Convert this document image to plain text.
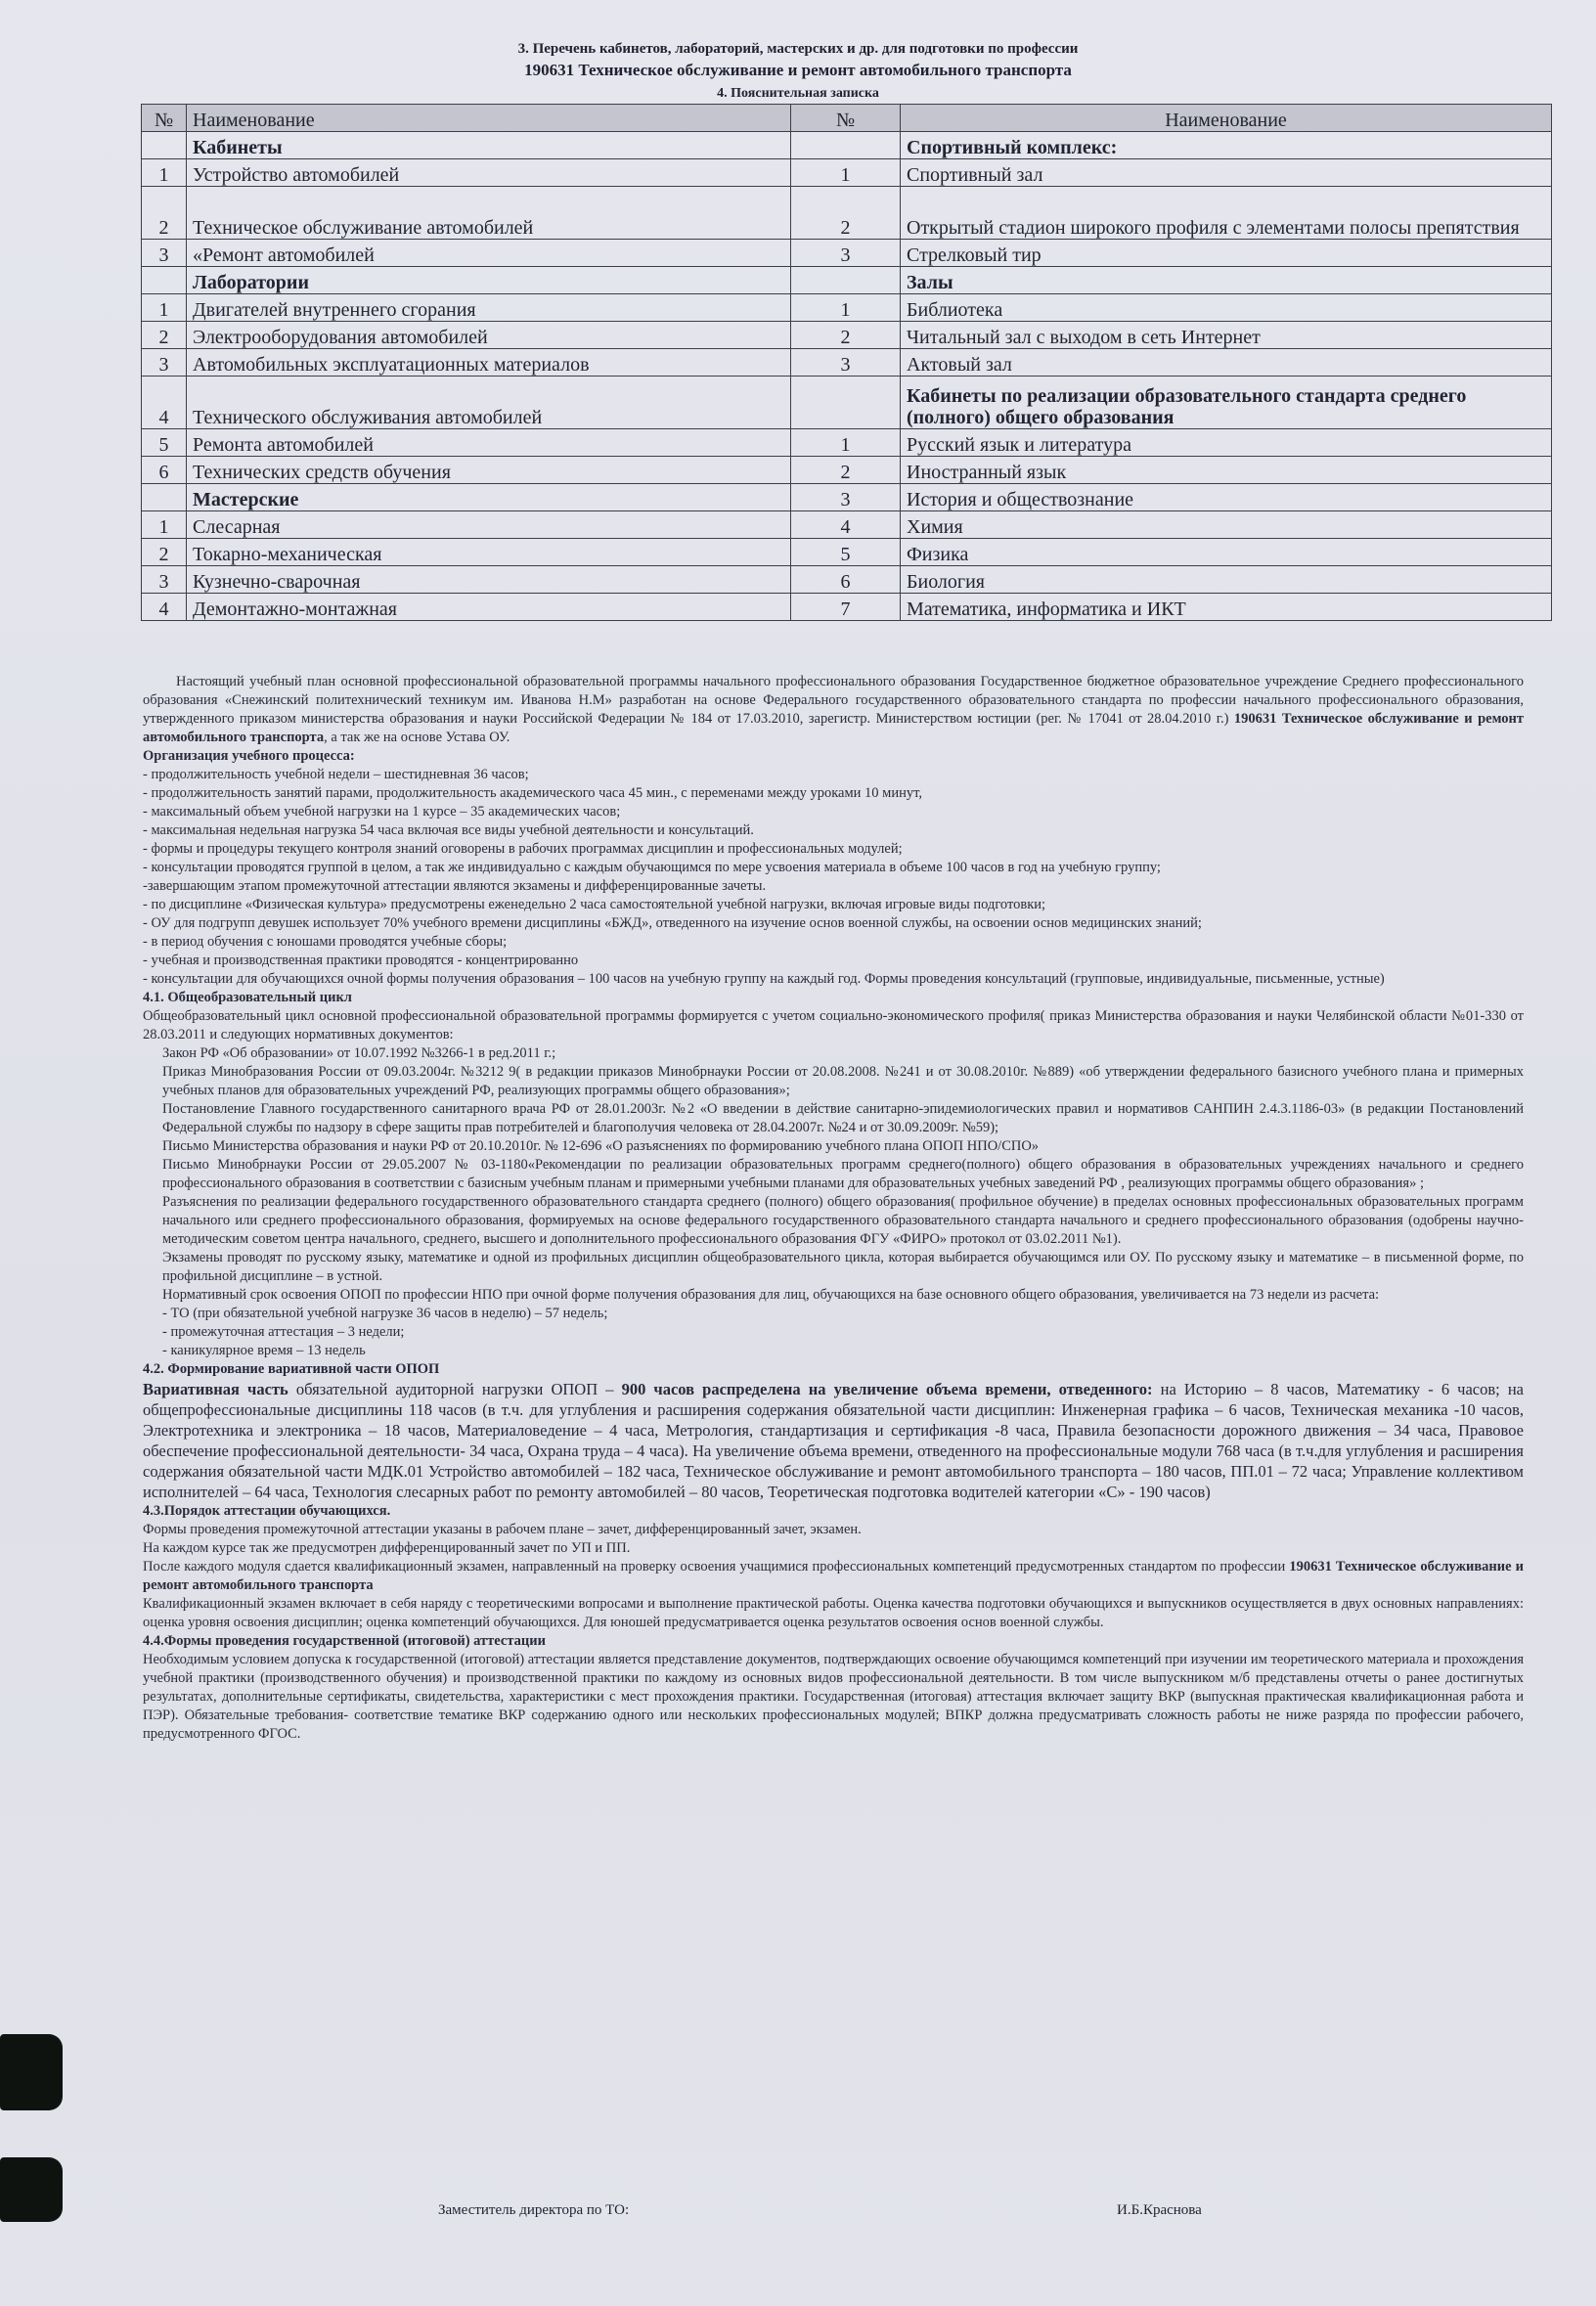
3. Перечень кабинетов, лабораторий, мастерских и др. для подготовки по профессии
190631 Техническое обслуживание и ремонт автомобильного транспорта
4. Пояснительная записка
№	Наименование	№	Наименование
	Кабинеты		Спортивный комплекс:
1	Устройство автомобилей	1	Спортивный зал
2	Техническое обслуживание автомобилей	2	Открытый стадион широкого профиля с элементами полосы препятствия
3	«Ремонт автомобилей	3	Стрелковый тир
	Лаборатории		Залы
1	Двигателей внутреннего сгорания	1	Библиотека
2	Электрооборудования автомобилей	2	Читальный зал с выходом в сеть Интернет
3	Автомобильных эксплуатационных материалов	3	Актовый зал
4	Технического обслуживания автомобилей		Кабинеты по реализации образовательного стандарта среднего (полного) общего образования
5	Ремонта автомобилей	1	Русский язык и литература
6	Технических средств обучения	2	Иностранный язык
	Мастерские	3	История и обществознание
1	Слесарная	4	Химия
2	Токарно-механическая	5	Физика
3	Кузнечно-сварочная	6	Биология
4	Демонтажно-монтажная	7	Математика, информатика и ИКТ

Настоящий учебный план основной профессиональной образовательной программы начального профессионального образования Государственное бюджетное образовательное учреждение Среднего профессионального образования «Снежинский политехнический техникум им. Иванова Н.М» разработан на основе Федерального государственного образовательного стандарта по профессии начального профессионального образования, утвержденного приказом министерства образования и науки Российской Федерации № 184 от 17.03.2010, зарегистр. Министерством юстиции (рег. № 17041 от 28.04.2010 г.) 190631 Техническое обслуживание и ремонт автомобильного транспорта, а так же на основе Устава ОУ.

Организация учебного процесса:

- продолжительность учебной недели – шестидневная 36 часов;

- продолжительность занятий парами, продолжительность академического часа 45 мин., с переменами между уроками 10 минут,

- максимальный объем учебной нагрузки на 1 курсе – 35 академических часов;

- максимальная недельная нагрузка 54 часа включая все виды учебной деятельности и консультаций.

- формы и процедуры текущего контроля знаний оговорены в рабочих программах дисциплин и профессиональных модулей;

- консультации проводятся группой в целом, а так же индивидуально с каждым обучающимся по мере усвоения материала в объеме 100 часов в год на учебную группу;

-завершающим этапом промежуточной аттестации являются экзамены и дифференцированные зачеты.

- по дисциплине «Физическая культура» предусмотрены еженедельно 2 часа самостоятельной учебной нагрузки, включая игровые виды подготовки;

- ОУ для подгрупп девушек использует 70% учебного времени дисциплины «БЖД», отведенного на изучение основ военной службы, на освоении основ медицинских знаний;

- в период обучения с юношами проводятся учебные сборы;

- учебная и производственная практики проводятся - концентрированно

- консультации для обучающихся очной формы получения образования – 100 часов на учебную группу на каждый год. Формы проведения консультаций (групповые, индивидуальные, письменные, устные)

4.1. Общеобразовательный цикл

Общеобразовательный цикл основной профессиональной образовательной программы формируется с учетом социально-экономического профиля( приказ Министерства образования и науки Челябинской области №01-330 от 28.03.2011 и следующих нормативных документов:

Закон РФ «Об образовании» от 10.07.1992 №3266-1 в ред.2011 г.;

Приказ Минобразования России от 09.03.2004г. №3212 9( в редакции приказов Минобрнауки России от 20.08.2008. №241 и от 30.08.2010г. №889) «об утверждении федерального базисного учебного плана и примерных учебных планов для образовательных учреждений РФ, реализующих программы общего образования»;

Постановление Главного государственного санитарного врача РФ от 28.01.2003г. №2 «О введении в действие санитарно-эпидемиологических правил и нормативов САНПИН 2.4.3.1186-03» (в редакции Постановлений Федеральной службы по надзору в сфере защиты прав потребителей и благополучия человека от 28.04.2007г. №24 и от 30.09.2009г. №59);

Письмо Министерства образования и науки РФ от 20.10.2010г. № 12-696 «О разъяснениях по формированию учебного плана ОПОП НПО/СПО»

Письмо Минобрнауки России от 29.05.2007 № 03-1180«Рекомендации по реализации образовательных программ среднего(полного) общего образования в образовательных учреждениях начального и среднего профессионального образования в соответствии с базисным учебным планам и примерными учебными планами для образовательных учебных заведений РФ , реализующих программы общего образования» ;

Разъяснения по реализации федерального государственного образовательного стандарта среднего (полного) общего образования( профильное обучение) в пределах основных профессиональных образовательных программ начального или среднего профессионального образования, формируемых на основе федерального государственного образовательного стандарта начального и среднего профессионального образования (одобрены научно-методическим советом центра начального, среднего, высшего и дополнительного профессионального образования ФГУ «ФИРО» протокол от 03.02.2011 №1).

Экзамены проводят по русскому языку, математике и одной из профильных дисциплин общеобразовательного цикла, которая выбирается обучающимся или ОУ. По русскому языку и математике – в письменной форме, по профильной дисциплине – в устной.

Нормативный срок освоения ОПОП по профессии НПО при очной форме получения образования для лиц, обучающихся на базе основного общего образования, увеличивается на 73 недели из расчета:

- ТО (при обязательной учебной нагрузке 36 часов в неделю) – 57 недель;

- промежуточная аттестация – 3 недели;

- каникулярное время – 13 недель

4.2. Формирование вариативной части ОПОП

Вариативная часть обязательной аудиторной нагрузки ОПОП – 900 часов распределена на увеличение объема времени, отведенного: на Историю – 8 часов, Математику - 6 часов; на общепрофессиональные дисциплины 118 часов (в т.ч. для углубления и расширения содержания обязательной части дисциплин: Инженерная графика – 6 часов, Техническая механика -10 часов, Электротехника и электроника – 18 часов, Материаловедение – 4 часа, Метрология, стандартизация и сертификация -8 часа, Правила безопасности дорожного движения – 34 часа, Правовое обеспечение профессиональной деятельности- 34 часа, Охрана труда – 4 часа). На увеличение объема времени, отведенного на профессиональные модули 768 часа (в т.ч.для углубления и расширения содержания обязательной части МДК.01 Устройство автомобилей – 182 часа, Техническое обслуживание и ремонт автомобильного транспорта – 180 часов, ПП.01 – 72 часа; Управление коллективом исполнителей – 64 часа, Технология слесарных работ по ремонту автомобилей – 80 часов, Теоретическая подготовка водителей категории «С» - 190 часов)

4.3.Порядок аттестации обучающихся.

Формы проведения промежуточной аттестации указаны в рабочем плане – зачет, дифференцированный зачет, экзамен.

На каждом курсе так же предусмотрен дифференцированный зачет по УП и ПП.

После каждого модуля сдается квалификационный экзамен, направленный на проверку освоения учащимися профессиональных компетенций предусмотренных стандартом по профессии 190631 Техническое обслуживание и ремонт автомобильного транспорта

Квалификационный экзамен включает в себя наряду с теоретическими вопросами и выполнение практической работы. Оценка качества подготовки обучающихся и выпускников осуществляется в двух основных направлениях: оценка уровня освоения дисциплин; оценка компетенций обучающихся. Для юношей предусматривается оценка результатов освоения основ военной службы.

4.4.Формы проведения государственной (итоговой) аттестации

Необходимым условием допуска к государственной (итоговой) аттестации является представление документов, подтверждающих освоение обучающимся компетенций при изучении им теоретического материала и прохождения учебной практики (производственного обучения) и производственной практики по каждому из основных видов профессиональной деятельности. В том числе выпускником м/б представлены отчеты о ранее достигнутых результатах, дополнительные сертификаты, свидетельства, характеристики с мест прохождения практики. Государственная (итоговая) аттестация включает защиту ВКР (выпускная практическая квалификационная работа и ПЭР). Обязательные требования- соответствие тематике ВКР содержанию одного или нескольких профессиональных модулей; ВПКР должна предусматривать сложность работы не ниже разряда по профессии рабочего, предусмотренного ФГОС.

Заместитель директора по ТО:	И.Б.Краснова
